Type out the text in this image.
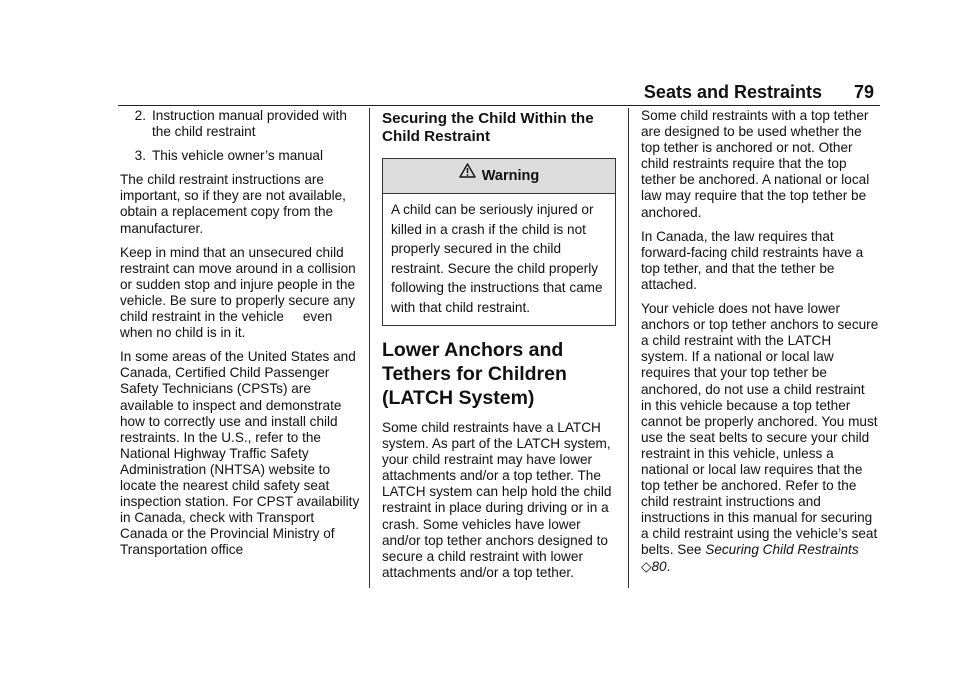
Seats and Restraints 79
2. Instruction manual provided with the child restraint
3. This vehicle owner’s manual

The child restraint instructions are important, so if they are not available, obtain a replacement copy from the manufacturer.

Keep in mind that an unsecured child restraint can move around in a collision or sudden stop and injure people in the vehicle. Be sure to properly secure any child restraint in the vehicle     even when no child is in it.

In some areas of the United States and Canada, Certified Child Passenger Safety Technicians (CPSTs) are available to inspect and demonstrate how to correctly use and install child restraints. In the U.S., refer to the National Highway Traffic Safety Administration (NHTSA) website to locate the nearest child safety seat inspection station. For CPST availability in Canada, check with Transport Canada or the Provincial Ministry of Transportation office

Securing the Child Within the Child Restraint
Warning
A child can be seriously injured or killed in a crash if the child is not properly secured in the child restraint. Secure the child properly following the instructions that came with that child restraint.
Lower Anchors and Tethers for Children (LATCH System)

Some child restraints have a LATCH system. As part of the LATCH system, your child restraint may have lower attachments and/or a top tether. The LATCH system can help hold the child restraint in place during driving or in a crash. Some vehicles have lower and/or top tether anchors designed to secure a child restraint with lower attachments and/or a top tether.

Some child restraints with a top tether are designed to be used whether the top tether is anchored or not. Other child restraints require that the top tether be anchored. A national or local law may require that the top tether be anchored.

In Canada, the law requires that forward-facing child restraints have a top tether, and that the tether be attached.

Your vehicle does not have lower anchors or top tether anchors to secure a child restraint with the LATCH system. If a national or local law requires that your top tether be anchored, do not use a child restraint in this vehicle because a top tether cannot be properly anchored. You must use the seat belts to secure your child restraint in this vehicle, unless a national or local law requires that the top tether be anchored. Refer to the child restraint instructions and instructions in this manual for securing a child restraint using the vehicle’s seat belts. See Securing Child Restraints ◇80.
